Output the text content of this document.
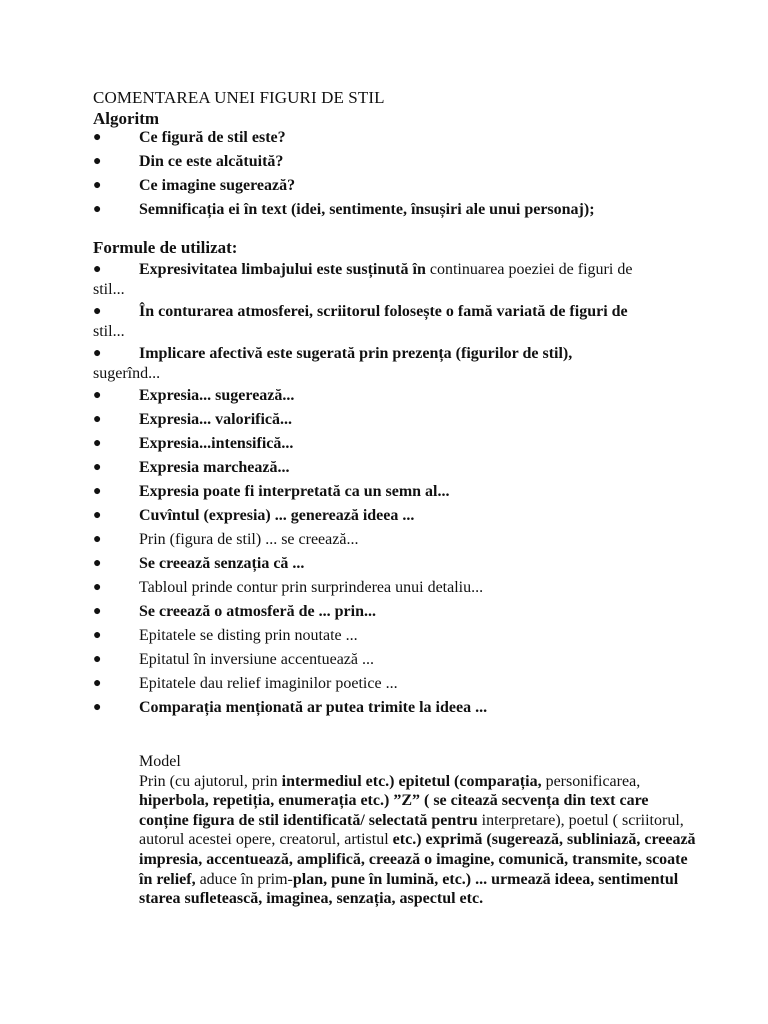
COMENTAREA UNEI FIGURI DE STIL
Algoritm
● Ce figură de stil este?
● Din ce este alcătuită?
● Ce imagine sugerează?
● Semnificația ei în text (idei, sentimente, însușiri ale unui personaj);
Formule de utilizat:
● Expresivitatea limbajului este susținută în continuarea poeziei de figuri de
stil...
● În conturarea atmosferei, scriitorul folosește o famă variată de figuri de
stil...
● Implicare afectivă este sugerată prin prezența (figurilor de stil),
sugerînd...
● Expresia... sugerează...
● Expresia... valorifică...
● Expresia...intensifică...
● Expresia marchează...
● Expresia poate fi interpretată ca un semn al...
● Cuvîntul (expresia) ... generează ideea ...
● Prin (figura de stil) ... se creează...
● Se creează senzația că ...
● Tabloul prinde contur prin surprinderea unui detaliu...
● Se creează o atmosferă de ... prin...
● Epitatele se disting prin noutate ...
● Epitatul în inversiune accentuează ...
● Epitatele dau relief imaginilor poetice ...
● Comparația menționată ar putea trimite la ideea ...
Model
Prin (cu ajutorul, prin intermediul etc.) epitetul (comparația, personificarea, hiperbola, repetiția, enumerația etc.) ”Z” ( se citează secvența din text care conține figura de stil identificată/ selectată pentru interpretare), poetul ( scriitorul, autorul acestei opere, creatorul, artistul etc.) exprimă (sugerează, subliniază, creează impresia, accentuează, amplifică, creează o imagine, comunică, transmite, scoate în relief, aduce în prim-plan, pune în lumină, etc.) ... urmează ideea, sentimentul starea sufletească, imaginea, senzația, aspectul etc.
